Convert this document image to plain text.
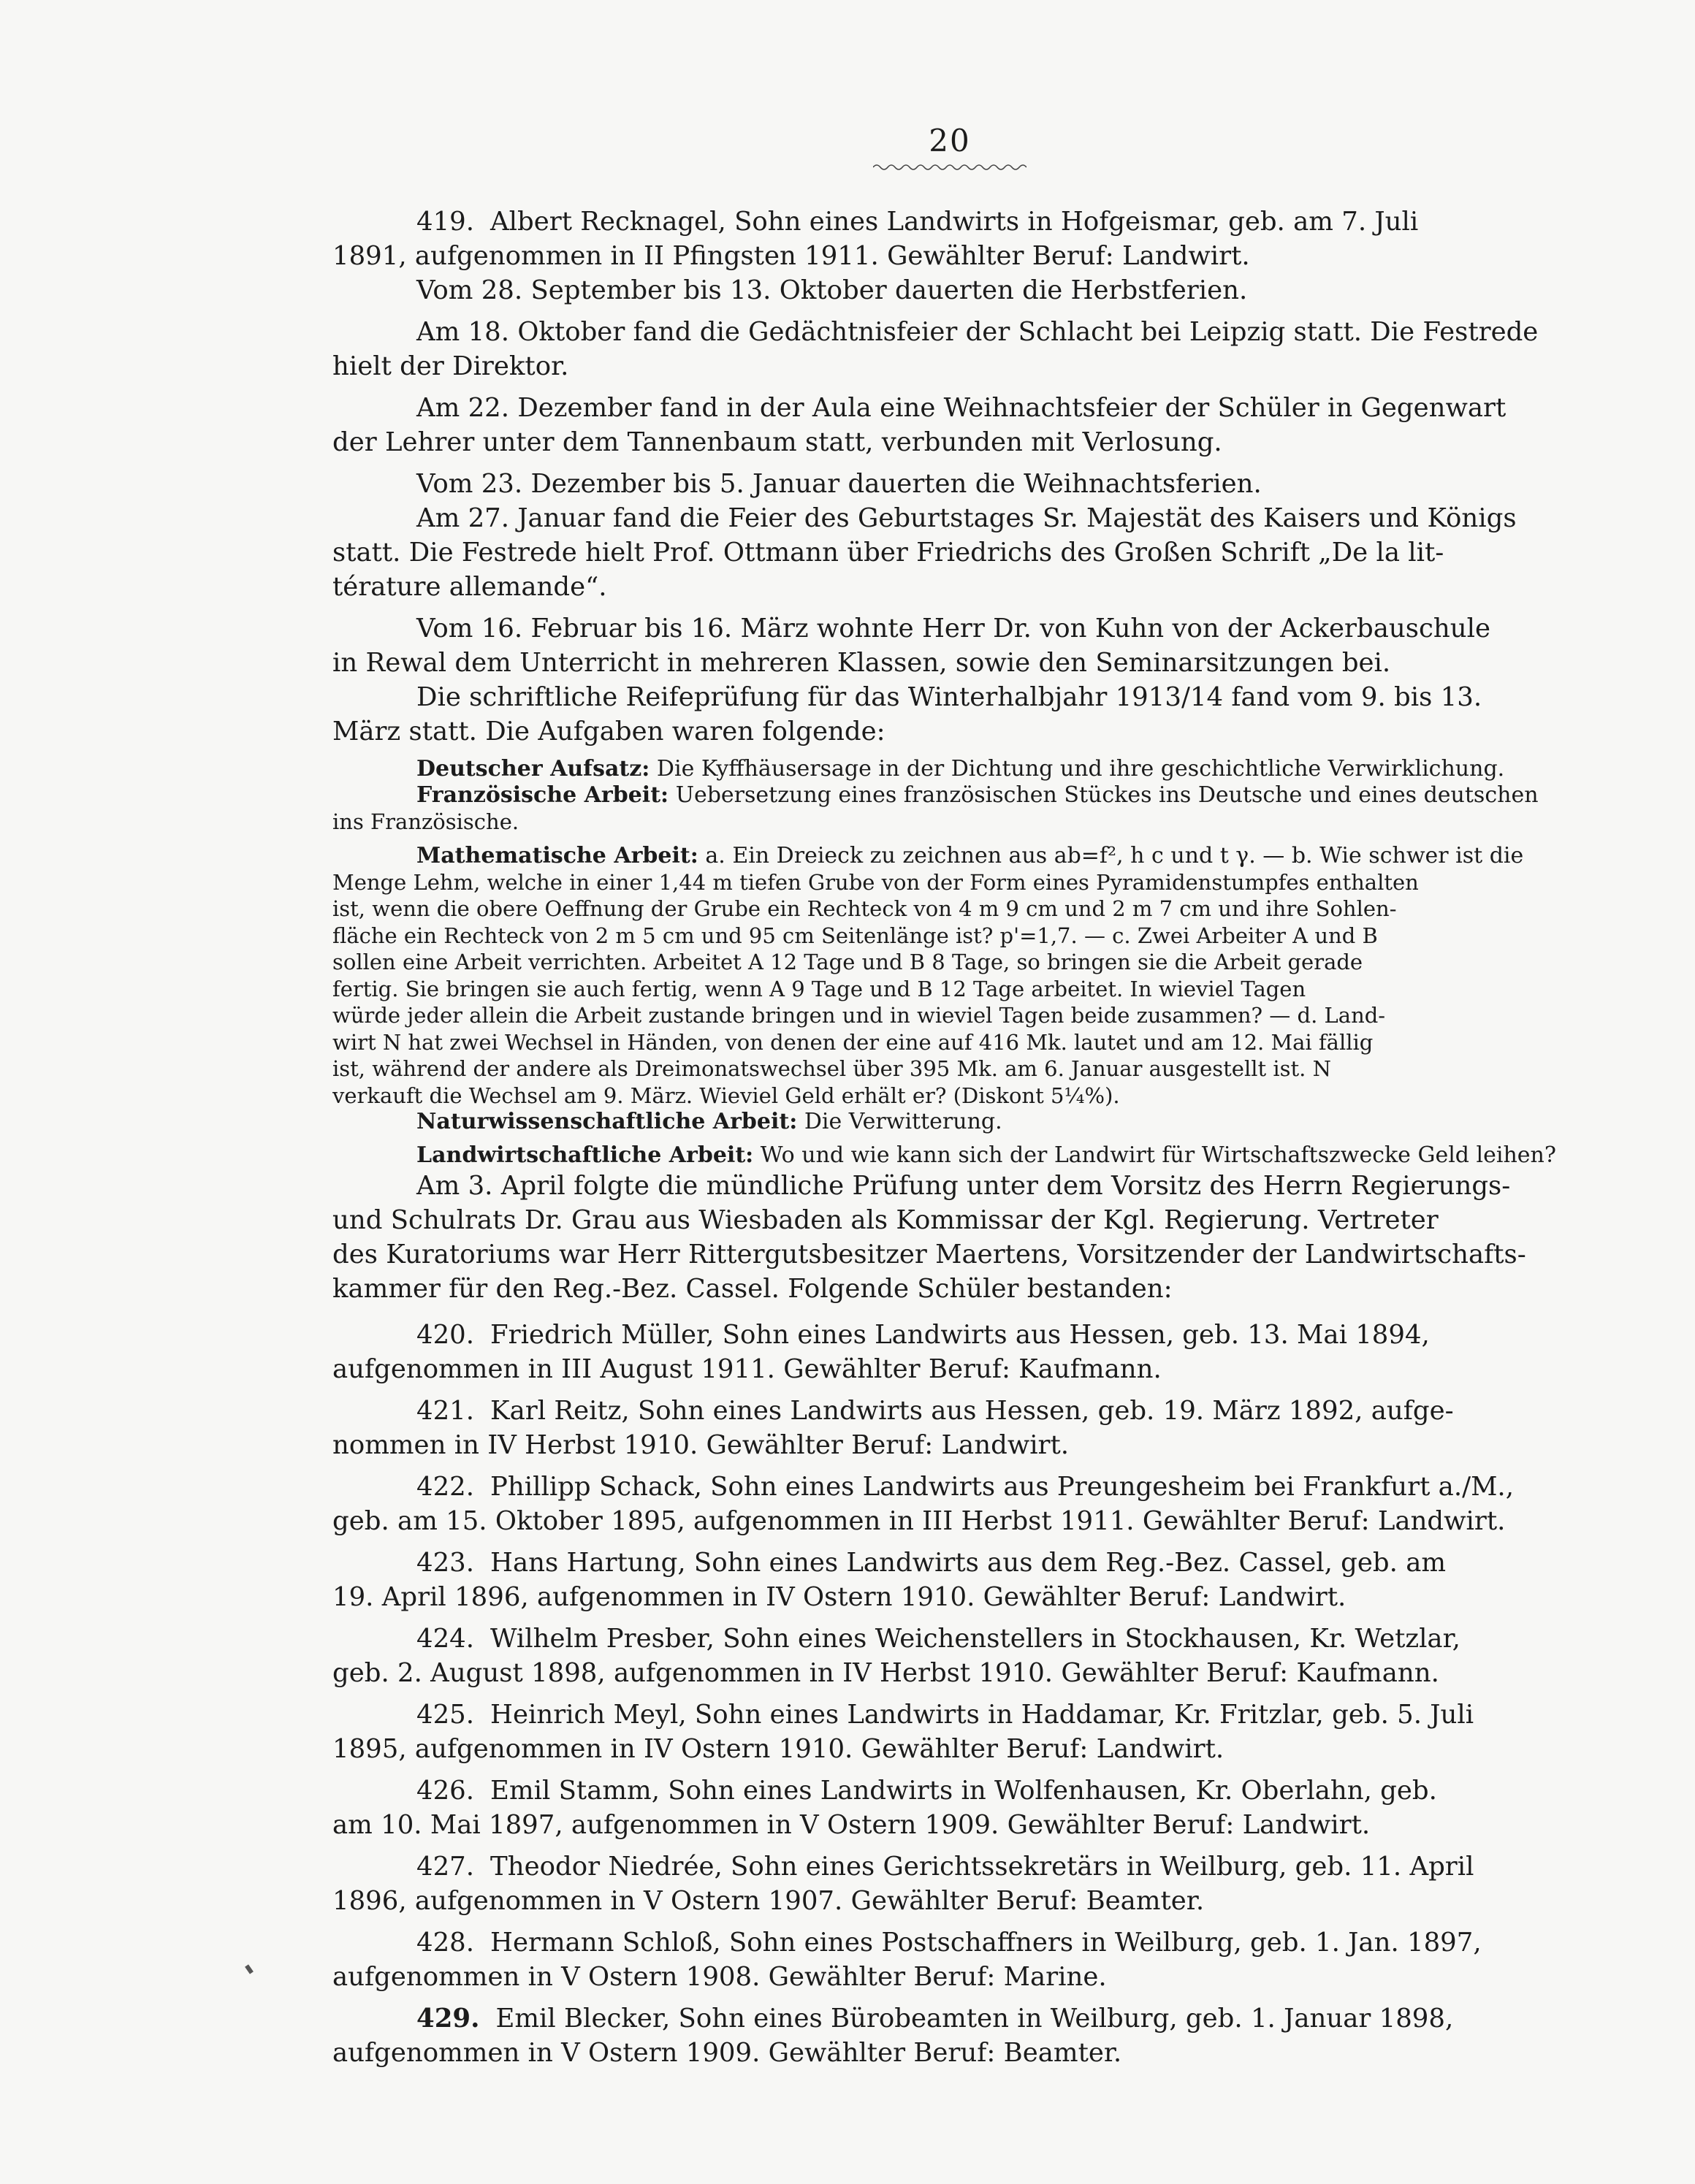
20
419. Albert Recknagel, Sohn eines Landwirts in Hofgeismar, geb. am 7. Juli
1891, aufgenommen in II Pfingsten 1911. Gewählter Beruf: Landwirt.
Vom 28. September bis 13. Oktober dauerten die Herbstferien.
Am 18. Oktober fand die Gedächtnisfeier der Schlacht bei Leipzig statt. Die Festrede
hielt der Direktor.
Am 22. Dezember fand in der Aula eine Weihnachtsfeier der Schüler in Gegenwart
der Lehrer unter dem Tannenbaum statt, verbunden mit Verlosung.
Vom 23. Dezember bis 5. Januar dauerten die Weihnachtsferien.
Am 27. Januar fand die Feier des Geburtstages Sr. Majestät des Kaisers und Königs
statt. Die Festrede hielt Prof. Ottmann über Friedrichs des Großen Schrift „De la lit-
térature allemande“.
Vom 16. Februar bis 16. März wohnte Herr Dr. von Kuhn von der Ackerbauschule
in Rewal dem Unterricht in mehreren Klassen, sowie den Seminarsitzungen bei.
Die schriftliche Reifeprüfung für das Winterhalbjahr 1913/14 fand vom 9. bis 13.
März statt. Die Aufgaben waren folgende:
Deutscher Aufsatz: Die Kyffhäusersage in der Dichtung und ihre geschichtliche Verwirklichung.
Französische Arbeit: Uebersetzung eines französischen Stückes ins Deutsche und eines deutschen
ins Französische.
Mathematische Arbeit: a. Ein Dreieck zu zeichnen aus ab=f², h c und t γ. — b. Wie schwer ist die
Menge Lehm, welche in einer 1,44 m tiefen Grube von der Form eines Pyramidenstumpfes enthalten
ist, wenn die obere Oeffnung der Grube ein Rechteck von 4 m 9 cm und 2 m 7 cm und ihre Sohlen-
fläche ein Rechteck von 2 m 5 cm und 95 cm Seitenlänge ist? p'=1,7. — c. Zwei Arbeiter A und B
sollen eine Arbeit verrichten. Arbeitet A 12 Tage und B 8 Tage, so bringen sie die Arbeit gerade
fertig. Sie bringen sie auch fertig, wenn A 9 Tage und B 12 Tage arbeitet. In wieviel Tagen
würde jeder allein die Arbeit zustande bringen und in wieviel Tagen beide zusammen? — d. Land-
wirt N hat zwei Wechsel in Händen, von denen der eine auf 416 Mk. lautet und am 12. Mai fällig
ist, während der andere als Dreimonatswechsel über 395 Mk. am 6. Januar ausgestellt ist. N
verkauft die Wechsel am 9. März. Wieviel Geld erhält er? (Diskont 5¼%).
Naturwissenschaftliche Arbeit: Die Verwitterung.
Landwirtschaftliche Arbeit: Wo und wie kann sich der Landwirt für Wirtschaftszwecke Geld leihen?
Am 3. April folgte die mündliche Prüfung unter dem Vorsitz des Herrn Regierungs-
und Schulrats Dr. Grau aus Wiesbaden als Kommissar der Kgl. Regierung. Vertreter
des Kuratoriums war Herr Rittergutsbesitzer Maertens, Vorsitzender der Landwirtschafts-
kammer für den Reg.-Bez. Cassel. Folgende Schüler bestanden:
420. Friedrich Müller, Sohn eines Landwirts aus Hessen, geb. 13. Mai 1894,
aufgenommen in III August 1911. Gewählter Beruf: Kaufmann.
421. Karl Reitz, Sohn eines Landwirts aus Hessen, geb. 19. März 1892, aufge-
nommen in IV Herbst 1910. Gewählter Beruf: Landwirt.
422. Phillipp Schack, Sohn eines Landwirts aus Preungesheim bei Frankfurt a./M.,
geb. am 15. Oktober 1895, aufgenommen in III Herbst 1911. Gewählter Beruf: Landwirt.
423. Hans Hartung, Sohn eines Landwirts aus dem Reg.-Bez. Cassel, geb. am
19. April 1896, aufgenommen in IV Ostern 1910. Gewählter Beruf: Landwirt.
424. Wilhelm Presber, Sohn eines Weichenstellers in Stockhausen, Kr. Wetzlar,
geb. 2. August 1898, aufgenommen in IV Herbst 1910. Gewählter Beruf: Kaufmann.
425. Heinrich Meyl, Sohn eines Landwirts in Haddamar, Kr. Fritzlar, geb. 5. Juli
1895, aufgenommen in IV Ostern 1910. Gewählter Beruf: Landwirt.
426. Emil Stamm, Sohn eines Landwirts in Wolfenhausen, Kr. Oberlahn, geb.
am 10. Mai 1897, aufgenommen in V Ostern 1909. Gewählter Beruf: Landwirt.
427. Theodor Niedrée, Sohn eines Gerichtssekretärs in Weilburg, geb. 11. April
1896, aufgenommen in V Ostern 1907. Gewählter Beruf: Beamter.
428. Hermann Schloß, Sohn eines Postschaffners in Weilburg, geb. 1. Jan. 1897,
aufgenommen in V Ostern 1908. Gewählter Beruf: Marine.
429. Emil Blecker, Sohn eines Bürobeamten in Weilburg, geb. 1. Januar 1898,
aufgenommen in V Ostern 1909. Gewählter Beruf: Beamter.
